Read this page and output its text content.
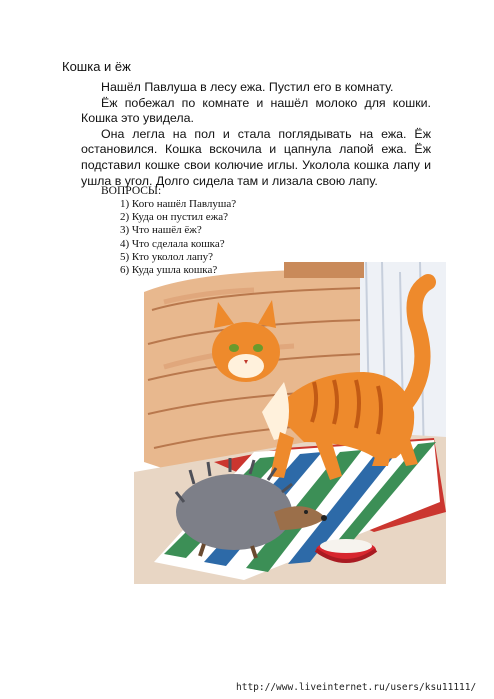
Кошка и ёж

Нашёл Павлуша в лесу ежа. Пустил его в комнату.

Ёж побежал по комнате и нашёл молоко для кошки. Кошка это увидела.

Она легла на пол и стала поглядывать на ежа. Ёж остановился. Кошка вскочила и цапнула лапой ежа. Ёж подставил кошке свои колючие иглы. Уколола кошка лапу и ушла в угол. Долго сидела там и лизала свою лапу.

ВОПРОСЫ:
1) Кого нашёл Павлуша?
2) Куда он пустил ежа?
3) Что нашёл ёж?
4) Что сделала кошка?
5) Кто уколол лапу?
6) Куда ушла кошка?
http://www.liveinternet.ru/users/ksu11111/
